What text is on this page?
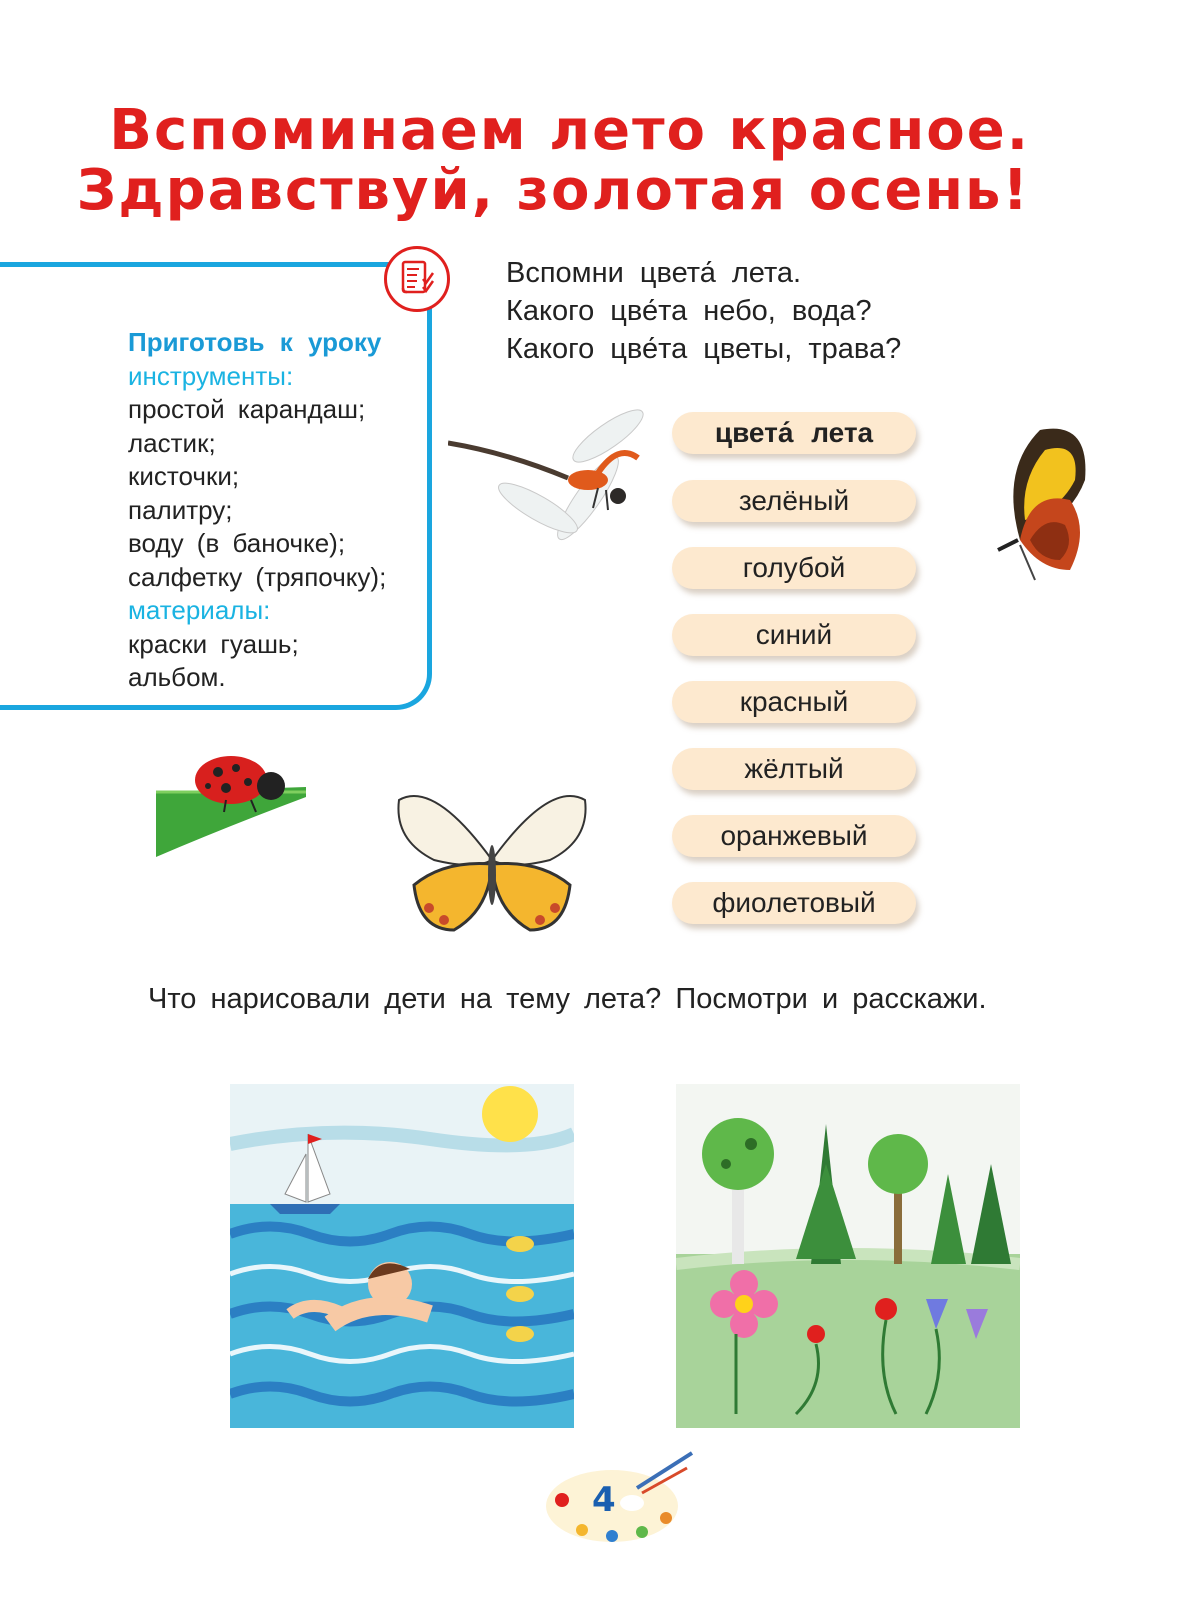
Вспоминаем лето красное.
Здравствуй, золотая осень!
Приготовь к уроку
инструменты:
простой карандаш;
ластик;
кисточки;
палитру;
воду (в баночке);
салфетку (тряпочку);
материалы:
краски гуашь;
альбом.
Вспомни цвета́ лета.
Какого цве́та небо, вода?
Какого цве́та цветы, трава?
цвета́ лета
зелёный
голубой
синий
красный
жёлтый
оранжевый
фиолетовый
Что нарисовали дети на тему лета? Посмотри и расскажи.
4
